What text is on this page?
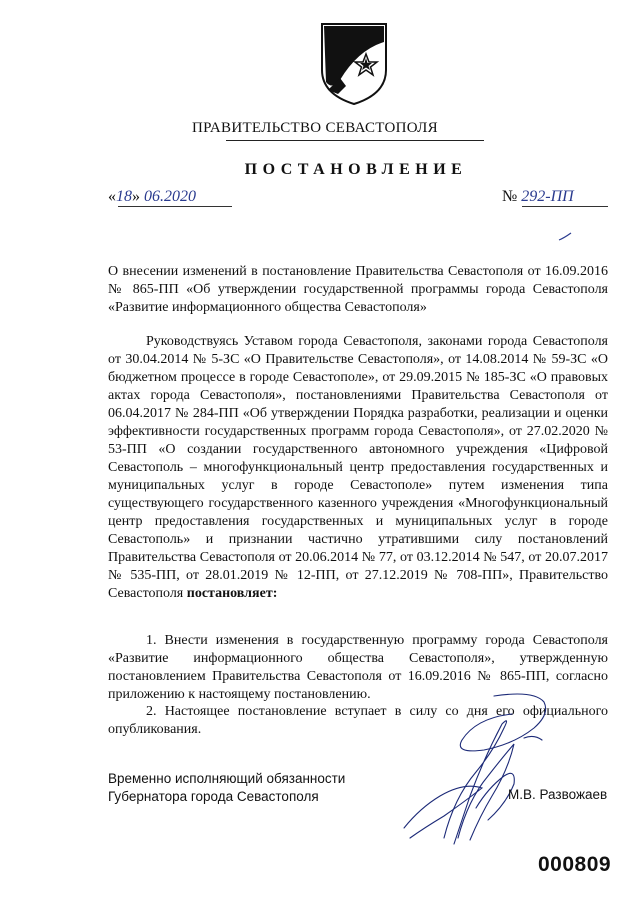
ПРАВИТЕЛЬСТВО СЕВАСТОПОЛЯ
ПОСТАНОВЛЕНИЕ
«18» 06.2020	№ 292-ПП
О внесении изменений в постановление Правительства Севастополя от 16.09.2016 № 865-ПП «Об утверждении государственной программы города Севастополя «Развитие информационного общества Севастополя»
Руководствуясь Уставом города Севастополя, законами города Севастополя от 30.04.2014 № 5-ЗС «О Правительстве Севастополя», от 14.08.2014 № 59-ЗС «О бюджетном процессе в городе Севастополе», от 29.09.2015 № 185-ЗС «О правовых актах города Севастополя», постановлениями Правительства Севастополя от 06.04.2017 № 284-ПП «Об утверждении Порядка разработки, реализации и оценки эффективности государственных программ города Севастополя», от 27.02.2020 № 53-ПП «О создании государственного автономного учреждения «Цифровой Севастополь – многофункциональный центр предоставления государственных и муниципальных услуг в городе Севастополе» путем изменения типа существующего государственного казенного учреждения «Многофункциональный центр предоставления государственных и муниципальных услуг в городе Севастополь» и признании частично утратившими силу постановлений Правительства Севастополя от 20.06.2014 № 77, от 03.12.2014 № 547, от 20.07.2017 № 535-ПП, от 28.01.2019 № 12-ПП, от 27.12.2019 № 708-ПП», Правительство Севастополя постановляет:
1. Внести изменения в государственную программу города Севастополя «Развитие информационного общества Севастополя», утвержденную постановлением Правительства Севастополя от 16.09.2016 № 865-ПП, согласно приложению к настоящему постановлению.
2. Настоящее постановление вступает в силу со дня его официального опубликования.
Временно исполняющий обязанности Губернатора города Севастополя	М.В. Развожаев
000809
